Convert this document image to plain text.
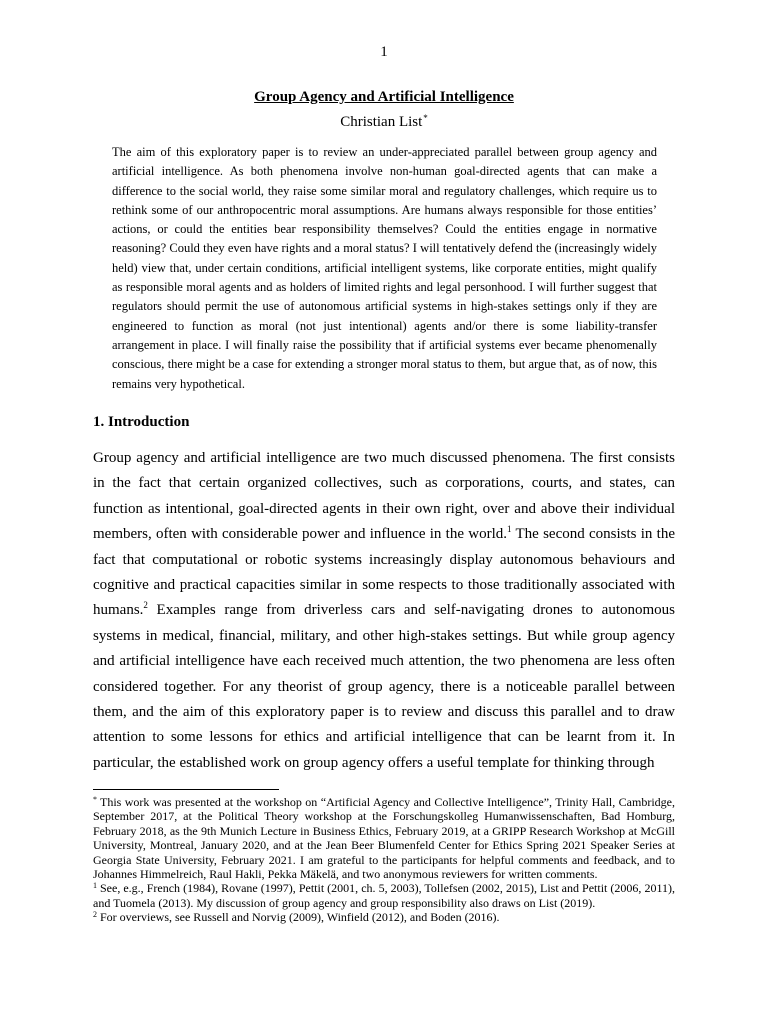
1
Group Agency and Artificial Intelligence
Christian List*

The aim of this exploratory paper is to review an under-appreciated parallel between group agency and artificial intelligence. As both phenomena involve non-human goal-directed agents that can make a difference to the social world, they raise some similar moral and regulatory challenges, which require us to rethink some of our anthropocentric moral assumptions. Are humans always responsible for those entities’ actions, or could the entities bear responsibility themselves? Could the entities engage in normative reasoning? Could they even have rights and a moral status? I will tentatively defend the (increasingly widely held) view that, under certain conditions, artificial intelligent systems, like corporate entities, might qualify as responsible moral agents and as holders of limited rights and legal personhood. I will further suggest that regulators should permit the use of autonomous artificial systems in high-stakes settings only if they are engineered to function as moral (not just intentional) agents and/or there is some liability-transfer arrangement in place. I will finally raise the possibility that if artificial systems ever became phenomenally conscious, there might be a case for extending a stronger moral status to them, but argue that, as of now, this remains very hypothetical.

1. Introduction

Group agency and artificial intelligence are two much discussed phenomena. The first consists in the fact that certain organized collectives, such as corporations, courts, and states, can function as intentional, goal-directed agents in their own right, over and above their individual members, often with considerable power and influence in the world.$^1$ The second consists in the fact that computational or robotic systems increasingly display autonomous behaviours and cognitive and practical capacities similar in some respects to those traditionally associated with humans.$^2$ Examples range from driverless cars and self-navigating drones to autonomous systems in medical, financial, military, and other high-stakes settings. But while group agency and artificial intelligence have each received much attention, the two phenomena are less often considered together. For any theorist of group agency, there is a noticeable parallel between them, and the aim of this exploratory paper is to review and discuss this parallel and to draw attention to some lessons for ethics and artificial intelligence that can be learnt from it. In particular, the established work on group agency offers a useful template for thinking through

* This work was presented at the workshop on “Artificial Agency and Collective Intelligence”, Trinity Hall, Cambridge, September 2017, at the Political Theory workshop at the Forschungskolleg Humanwissenschaften, Bad Homburg, February 2018, as the 9th Munich Lecture in Business Ethics, February 2019, at a GRIPP Research Workshop at McGill University, Montreal, January 2020, and at the Jean Beer Blumenfeld Center for Ethics Spring 2021 Speaker Series at Georgia State University, February 2021. I am grateful to the participants for helpful comments and feedback, and to Johannes Himmelreich, Raul Hakli, Pekka Mäkelä, and two anonymous reviewers for written comments.

$^1$ See, e.g., French (1984), Rovane (1997), Pettit (2001, ch. 5, 2003), Tollefsen (2002, 2015), List and Pettit (2006, 2011), and Tuomela (2013). My discussion of group agency and group responsibility also draws on List (2019).

$^2$ For overviews, see Russell and Norvig (2009), Winfield (2012), and Boden (2016).
